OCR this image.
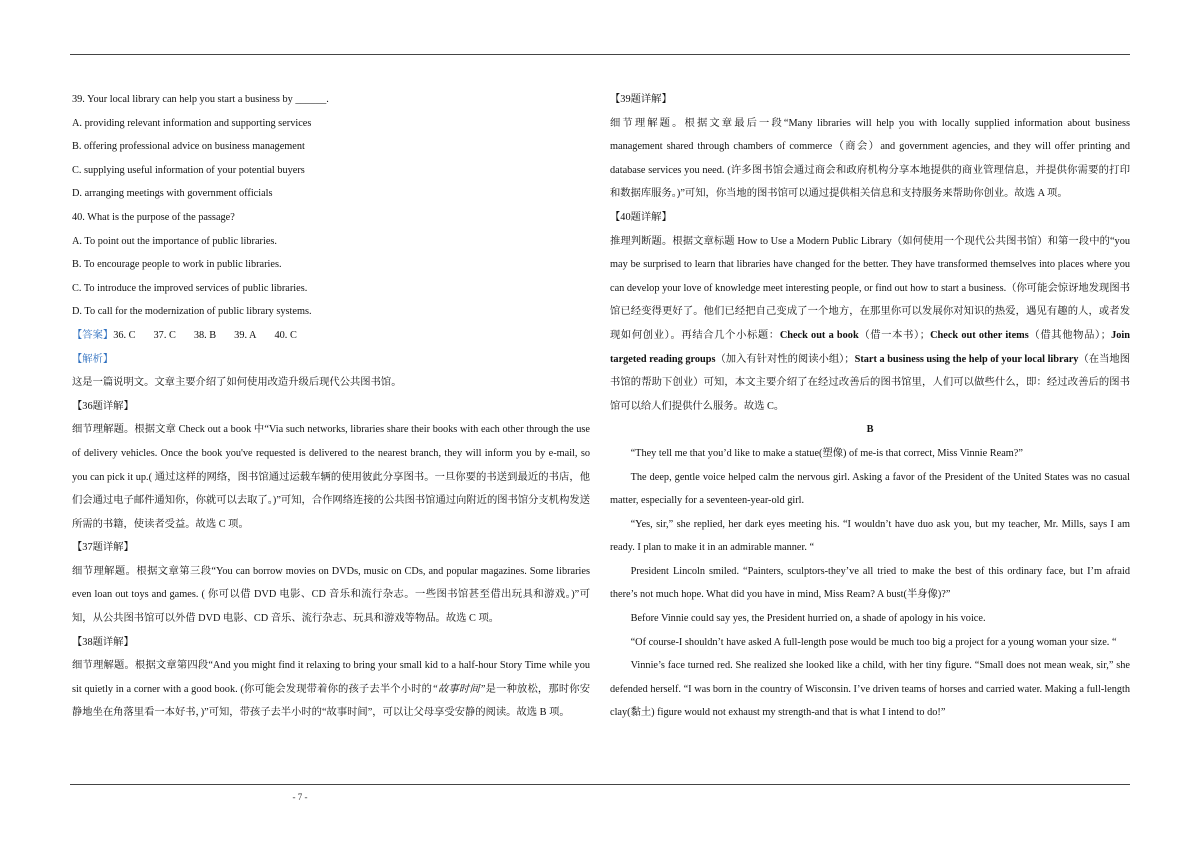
39. Your local library can help you start a business by ______.

A. providing relevant information and supporting services

B. offering professional advice on business management

C. supplying useful information of your potential buyers

D. arranging meetings with government officials

40. What is the purpose of the passage?

A. To point out the importance of public libraries.

B. To encourage people to work in public libraries.

C. To introduce the improved services of public libraries.

D. To call for the modernization of public library systems.

【答案】36. C 37. C 38. B 39. A 40. C

【解析】

这是一篇说明文。文章主要介绍了如何使用改造升级后现代公共图书馆。

【36题详解】

细节理解题。根据文章 Check out a book 中“Via such networks, libraries share their books with each other through the use of delivery vehicles. Once the book you've requested is delivered to the nearest branch, they will inform you by e-mail, so you can pick it up.( 通过这样的网络，图书馆通过运载车辆的使用彼此分享图书。一旦你要的书送到最近的书店，他们会通过电子邮件通知你，你就可以去取了。)”可知，合作网络连接的公共图书馆通过向附近的图书馆分支机构发送所需的书籍，使读者受益。故选 C 项。

【37题详解】

细节理解题。根据文章第三段“You can borrow movies on DVDs, music on CDs, and popular magazines. Some libraries even loan out toys and games. ( 你可以借 DVD 电影、CD 音乐和流行杂志。一些图书馆甚至借出玩具和游戏。)”可知，从公共图书馆可以外借 DVD 电影、CD 音乐、流行杂志、玩具和游戏等物品。故选 C 项。

【38题详解】

细节理解题。根据文章第四段“And you might find it relaxing to bring your small kid to a half-hour Story Time while you sit quietly in a corner with a good book. (你可能会发现带着你的孩子去半个小时的“故事时间”是一种放松，那时你安静地坐在角落里看一本好书，)”可知，带孩子去半小时的“故事时间”，可以让父母享受安静的阅读。故选 B 项。

【39题详解】

细节理解题。根据文章最后一段“Many libraries will help you with locally supplied information about business management shared through chambers of commerce（商会）and government agencies, and they will offer printing and database services you need. (许多图书馆会通过商会和政府机构分享本地提供的商业管理信息，并提供你需要的打印和数据库服务。)”可知，你当地的图书馆可以通过提供相关信息和支持服务来帮助你创业。故选 A 项。

【40题详解】

推理判断题。根据文章标题 How to Use a Modern Public Library（如何使用一个现代公共图书馆）和第一段中的“you may be surprised to learn that libraries have changed for the better. They have transformed themselves into places where you can develop your love of knowledge meet interesting people, or find out how to start a business.（你可能会惊讶地发现图书馆已经变得更好了。他们已经把自己变成了一个地方，在那里你可以发展你对知识的热爱，遇见有趣的人，或者发现如何创业）。再结合几个小标题：Check out a book（借一本书）；Check out other items（借其他物品）；Join targeted reading groups（加入有针对性的阅读小组）；Start a business using the help of your local library（在当地图书馆的帮助下创业）可知，本文主要介绍了在经过改善后的图书馆里，人们可以做些什么，即：经过改善后的图书馆可以给人们提供什么服务。故选 C。

B

“They tell me that you’d like to make a statue(塑像) of me-is that correct, Miss Vinnie Ream?”

The deep, gentle voice helped calm the nervous girl. Asking a favor of the President of the United States was no casual matter, especially for a seventeen-year-old girl.

“Yes, sir,” she replied, her dark eyes meeting his. “I wouldn’t have duo ask you, but my teacher, Mr. Mills, says I am ready. I plan to make it in an admirable manner. “

President Lincoln smiled. “Painters, sculptors-they’ve all tried to make the best of this ordinary face, but I’m afraid there’s not much hope. What did you have in mind, Miss Ream? A bust(半身像)?”

Before Vinnie could say yes, the President hurried on, a shade of apology in his voice.

“Of course-I shouldn’t have asked A full-length pose would be much too big a project for a young woman your size. “

Vinnie’s face turned red. She realized she looked like a child, with her tiny figure. “Small does not mean weak, sir,” she defended herself. “I was born in the country of Wisconsin. I’ve driven teams of horses and carried water. Making a full-length clay(黏土) figure would not exhaust my strength-and that is what I intend to do!”

- 7 -
